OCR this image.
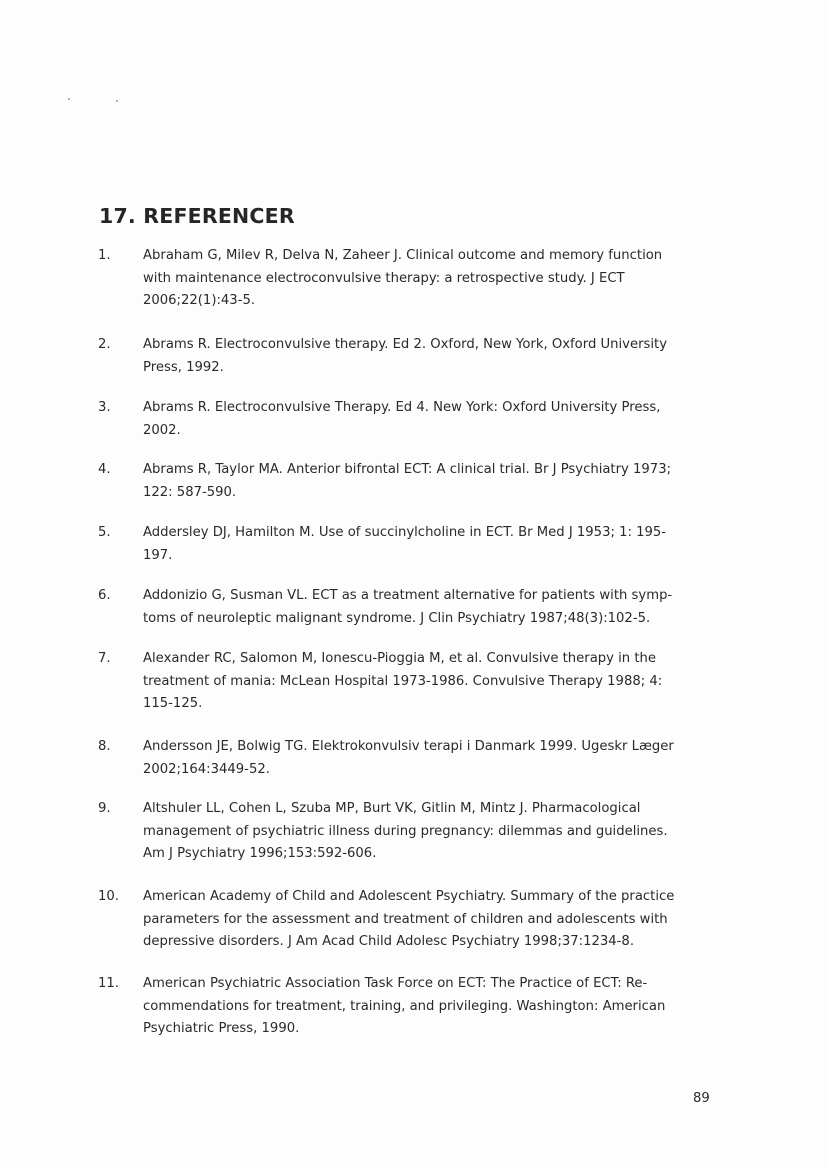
17. REFERENCER
1. Abraham G, Milev R, Delva N, Zaheer J. Clinical outcome and memory function
with maintenance electroconvulsive therapy: a retrospective study. J ECT
2006;22(1):43-5.
2. Abrams R. Electroconvulsive therapy. Ed 2. Oxford, New York, Oxford University
Press, 1992.
3. Abrams R. Electroconvulsive Therapy. Ed 4. New York: Oxford University Press,
2002.
4. Abrams R, Taylor MA. Anterior bifrontal ECT: A clinical trial. Br J Psychiatry 1973;
122: 587-590.
5. Addersley DJ, Hamilton M. Use of succinylcholine in ECT. Br Med J 1953; 1: 195-
197.
6. Addonizio G, Susman VL. ECT as a treatment alternative for patients with symp-
toms of neuroleptic malignant syndrome. J Clin Psychiatry 1987;48(3):102-5.
7. Alexander RC, Salomon M, Ionescu-Pioggia M, et al. Convulsive therapy in the
treatment of mania: McLean Hospital 1973-1986. Convulsive Therapy 1988; 4:
115-125.
8. Andersson JE, Bolwig TG. Elektrokonvulsiv terapi i Danmark 1999. Ugeskr Læger
2002;164:3449-52.
9. Altshuler LL, Cohen L, Szuba MP, Burt VK, Gitlin M, Mintz J. Pharmacological
management of psychiatric illness during pregnancy: dilemmas and guidelines.
Am J Psychiatry 1996;153:592-606.
10. American Academy of Child and Adolescent Psychiatry. Summary of the practice
parameters for the assessment and treatment of children and adolescents with
depressive disorders. J Am Acad Child Adolesc Psychiatry 1998;37:1234-8.
11. American Psychiatric Association Task Force on ECT: The Practice of ECT: Re-
commendations for treatment, training, and privileging. Washington: American
Psychiatric Press, 1990.
89
